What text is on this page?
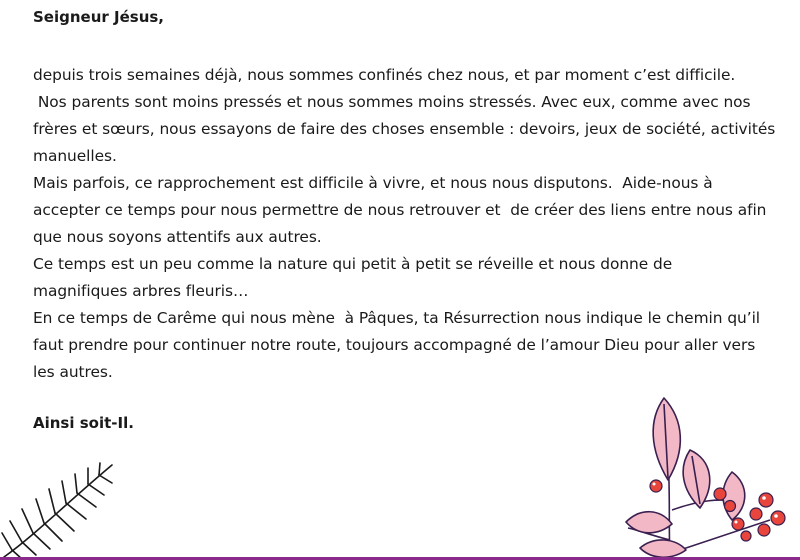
Seigneur Jésus,
depuis trois semaines déjà, nous sommes confinés chez nous, et par moment c’est difficile.
Nos parents sont moins pressés et nous sommes moins stressés. Avec eux, comme avec nos
frères et sœurs, nous essayons de faire des choses ensemble : devoirs, jeux de société, activités
manuelles.
Mais parfois, ce rapprochement est difficile à vivre, et nous nous disputons.  Aide-nous à
accepter ce temps pour nous permettre de nous retrouver et  de créer des liens entre nous afin
que nous soyons attentifs aux autres.
Ce temps est un peu comme la nature qui petit à petit se réveille et nous donne de
magnifiques arbres fleuris…
En ce temps de Carême qui nous mène  à Pâques, ta Résurrection nous indique le chemin qu’il
faut prendre pour continuer notre route, toujours accompagné de l’amour Dieu pour aller vers
les autres.
Ainsi soit-Il.
